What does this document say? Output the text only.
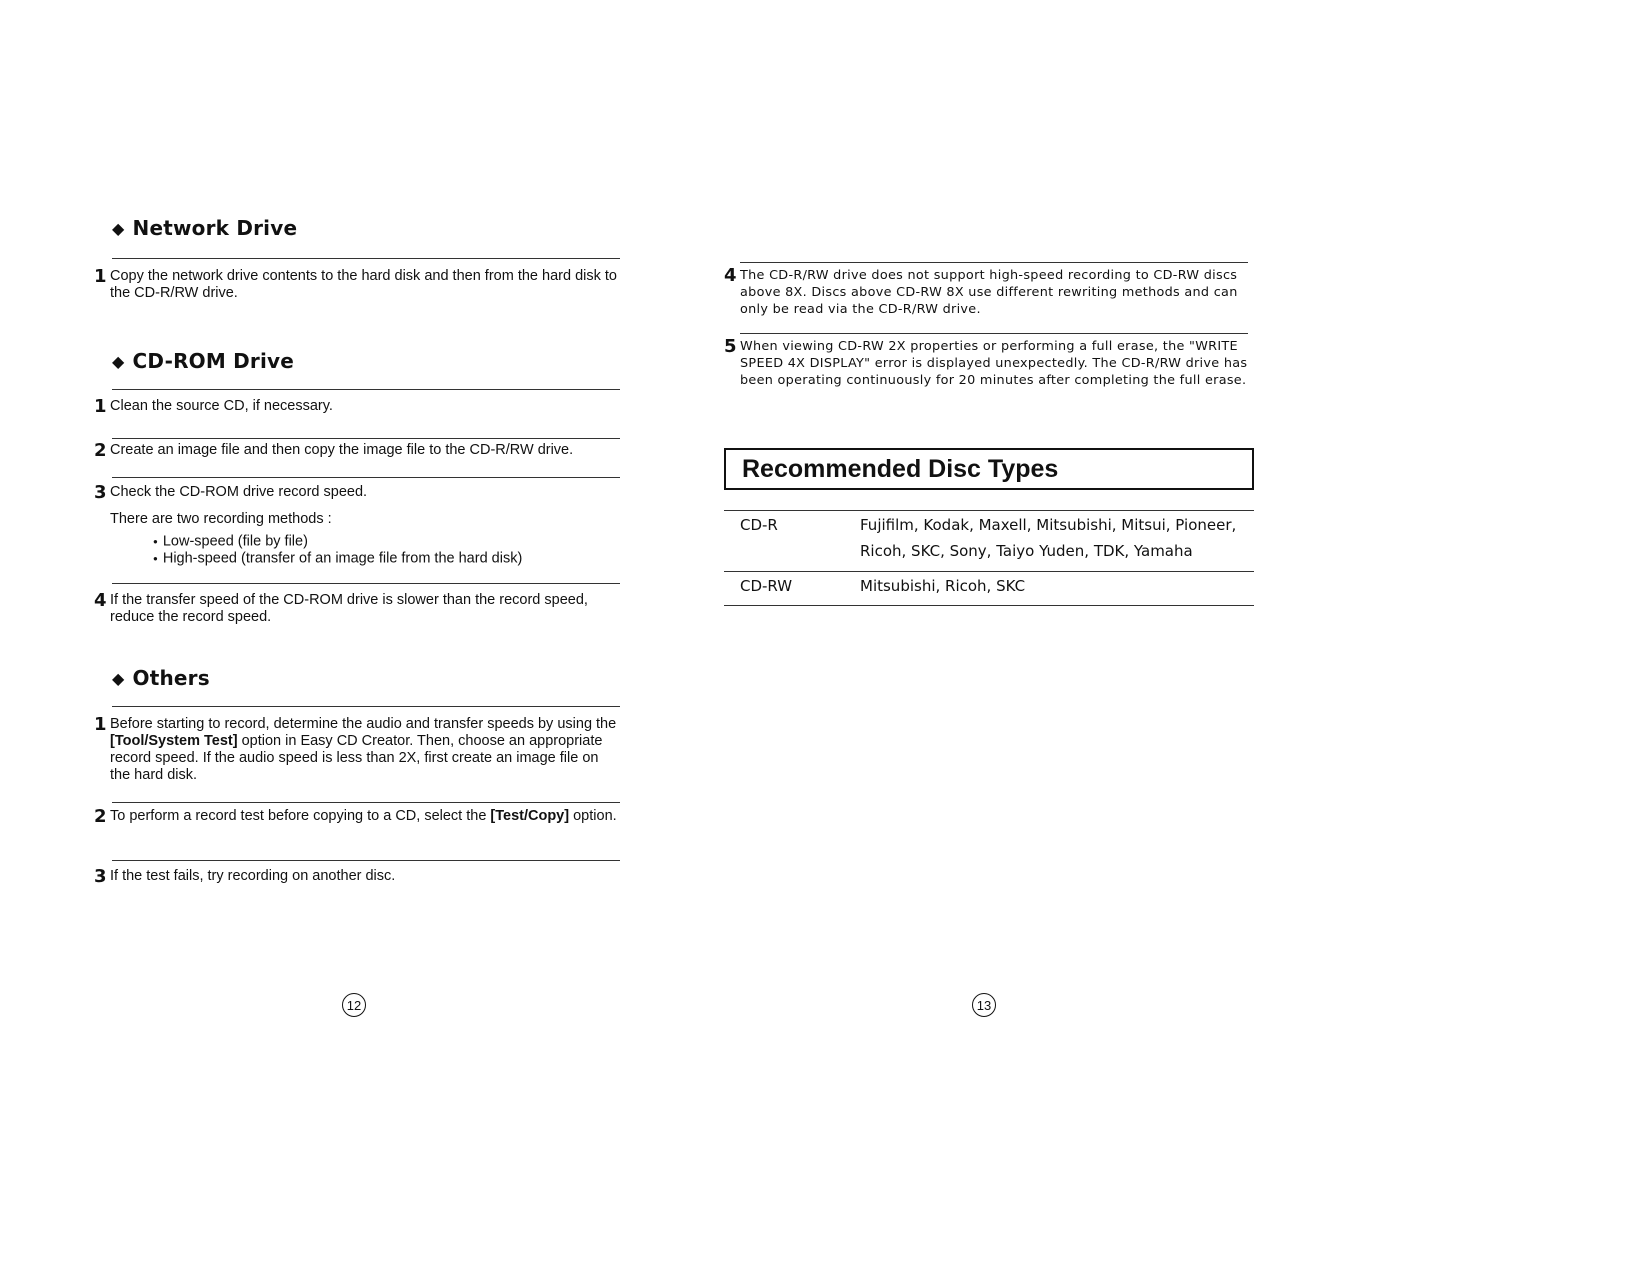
◆ Network Drive
1 Copy the network drive contents to the hard disk and then from the hard disk to the CD-R/RW drive.
◆ CD-ROM Drive
1 Clean the source CD, if necessary.
2 Create an image file and then copy the image file to the CD-R/RW drive.
3 Check the CD-ROM drive record speed.
There are two recording methods :
● Low-speed (file by file)
● High-speed (transfer of an image file from the hard disk)
4 If the transfer speed of the CD-ROM drive is slower than the record speed, reduce the record speed.
◆ Others
1 Before starting to record, determine the audio and transfer speeds by using the [Tool/System Test] option in Easy CD Creator. Then, choose an appropriate record speed. If the audio speed is less than 2X, first create an image file on the hard disk.
2 To perform a record test before copying to a CD, select the [Test/Copy] option.
3 If the test fails, try recording on another disc.
12
4 The CD-R/RW drive does not support high-speed recording to CD-RW discs above 8X. Discs above CD-RW 8X use different rewriting methods and can only be read via the CD-R/RW drive.
5 When viewing CD-RW 2X properties or performing a full erase, the "WRITE SPEED 4X DISPLAY" error is displayed unexpectedly. The CD-R/RW drive has been operating continuously for 20 minutes after completing the full erase.
Recommended Disc Types
CD-R	Fujifilm, Kodak, Maxell, Mitsubishi, Mitsui, Pioneer, Ricoh, SKC, Sony, Taiyo Yuden, TDK, Yamaha
CD-RW	Mitsubishi, Ricoh, SKC
13
